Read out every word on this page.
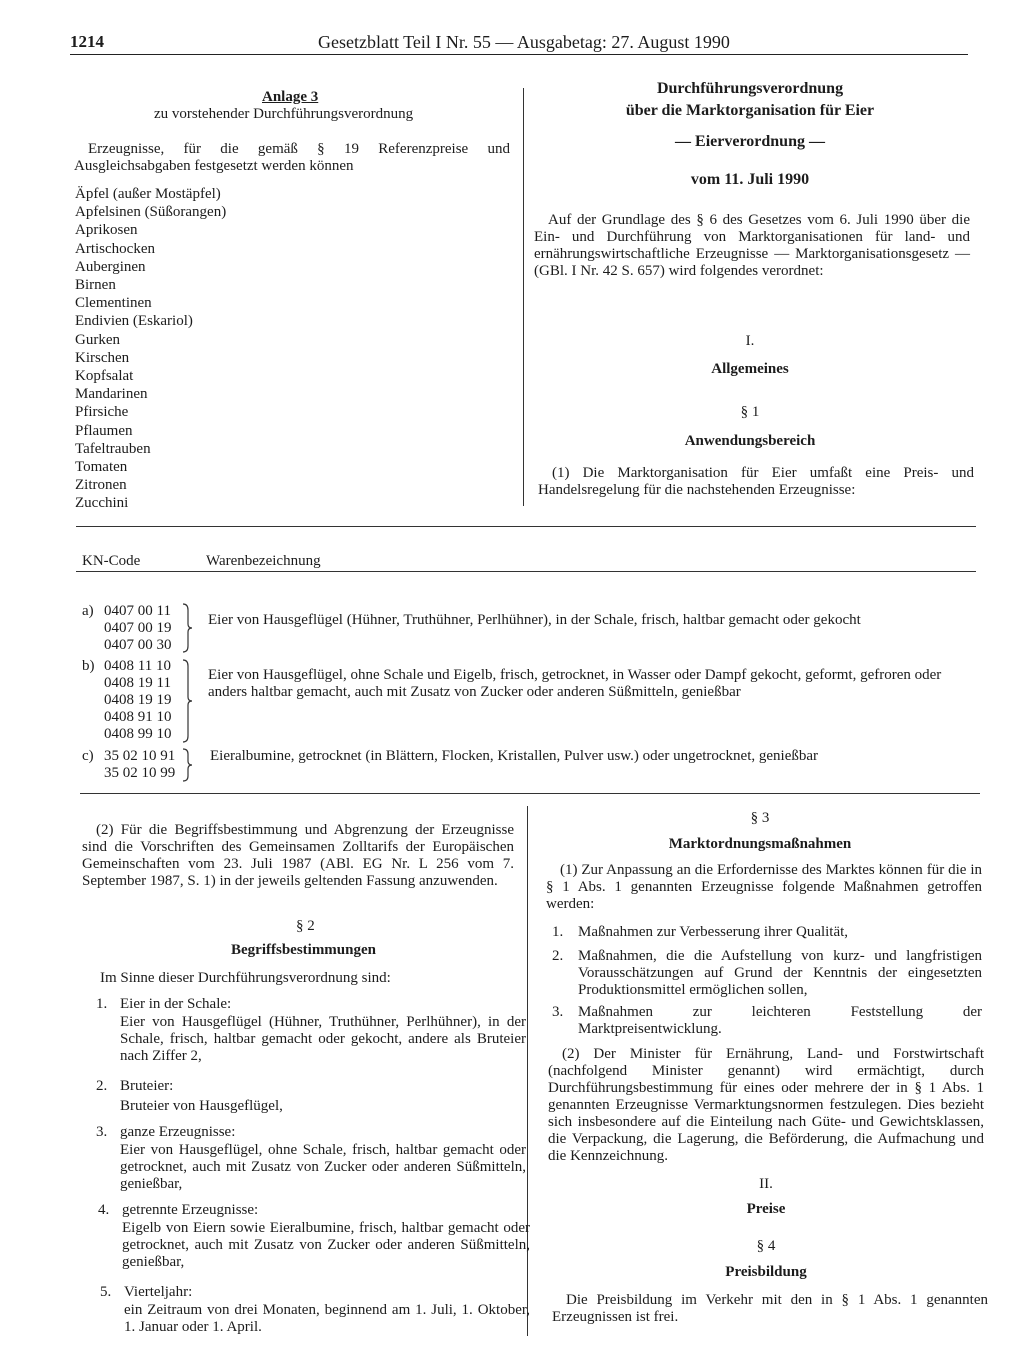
1214	Gesetzblatt Teil I Nr. 55 — Ausgabetag: 27. August 1990
Anlage 3
zu vorstehender Durchführungsverordnung
Erzeugnisse, für die gemäß § 19 Referenzpreise und Ausgleichsabgaben festgesetzt werden können
Äpfel (außer Mostäpfel)
Apfelsinen (Süßorangen)
Aprikosen
Artischocken
Auberginen
Birnen
Clementinen
Endivien (Eskariol)
Gurken
Kirschen
Kopfsalat
Mandarinen
Pfirsiche
Pflaumen
Tafeltrauben
Tomaten
Zitronen
Zucchini
Durchführungsverordnung
über die Marktorganisation für Eier
— Eierverordnung —
vom 11. Juli 1990
Auf der Grundlage des § 6 des Gesetzes vom 6. Juli 1990 über die Ein- und Durchführung von Marktorganisationen für land- und ernährungswirtschaftliche Erzeugnisse — Marktorganisationsgesetz — (GBl. I Nr. 42 S. 657) wird folgendes verordnet:
I.
Allgemeines
§ 1
Anwendungsbereich
(1) Die Marktorganisation für Eier umfaßt eine Preis- und Handelsregelung für die nachstehenden Erzeugnisse:
KN-Code	Warenbezeichnung
a) 0407 00 11
0407 00 19
0407 00 30
Eier von Hausgeflügel (Hühner, Truthühner, Perlhühner), in der Schale, frisch, haltbar gemacht oder gekocht
b) 0408 11 10
0408 19 11
0408 19 19
0408 91 10
0408 99 10
Eier von Hausgeflügel, ohne Schale und Eigelb, frisch, getrocknet, in Wasser oder Dampf gekocht, geformt, gefroren oder anders haltbar gemacht, auch mit Zusatz von Zucker oder anderen Süßmitteln, genießbar
c) 35 02 10 91
35 02 10 99
Eieralbumine, getrocknet (in Blättern, Flocken, Kristallen, Pulver usw.) oder ungetrocknet, genießbar
(2) Für die Begriffsbestimmung und Abgrenzung der Erzeugnisse sind die Vorschriften des Gemeinsamen Zolltarifs der Europäischen Gemeinschaften vom 23. Juli 1987 (ABl. EG Nr. L 256 vom 7. September 1987, S. 1) in der jeweils geltenden Fassung anzuwenden.
§ 2
Begriffsbestimmungen
Im Sinne dieser Durchführungsverordnung sind:
1. Eier in der Schale:
Eier von Hausgeflügel (Hühner, Truthühner, Perlhühner), in der Schale, frisch, haltbar gemacht oder gekocht, andere als Bruteier nach Ziffer 2,
2. Bruteier:
Bruteier von Hausgeflügel,
3. ganze Erzeugnisse:
Eier von Hausgeflügel, ohne Schale, frisch, haltbar gemacht oder getrocknet, auch mit Zusatz von Zucker oder anderen Süßmitteln, genießbar,
4. getrennte Erzeugnisse:
Eigelb von Eiern sowie Eieralbumine, frisch, haltbar gemacht oder getrocknet, auch mit Zusatz von Zucker oder anderen Süßmitteln, genießbar,
5. Vierteljahr:
ein Zeitraum von drei Monaten, beginnend am 1. Juli, 1. Oktober, 1. Januar oder 1. April.
§ 3
Marktordnungsmaßnahmen
(1) Zur Anpassung an die Erfordernisse des Marktes können für die in § 1 Abs. 1 genannten Erzeugnisse folgende Maßnahmen getroffen werden:
1. Maßnahmen zur Verbesserung ihrer Qualität,
2. Maßnahmen, die die Aufstellung von kurz- und langfristigen Vorausschätzungen auf Grund der Kenntnis der eingesetzten Produktionsmittel ermöglichen sollen,
3. Maßnahmen zur leichteren Feststellung der Marktpreisentwicklung.
(2) Der Minister für Ernährung, Land- und Forstwirtschaft (nachfolgend Minister genannt) wird ermächtigt, durch Durchführungsbestimmung für eines oder mehrere der in § 1 Abs. 1 genannten Erzeugnisse Vermarktungsnormen festzulegen. Dies bezieht sich insbesondere auf die Einteilung nach Güte- und Gewichtsklassen, die Verpackung, die Lagerung, die Beförderung, die Aufmachung und die Kennzeichnung.
II.
Preise
§ 4
Preisbildung
Die Preisbildung im Verkehr mit den in § 1 Abs. 1 genannten Erzeugnissen ist frei.
